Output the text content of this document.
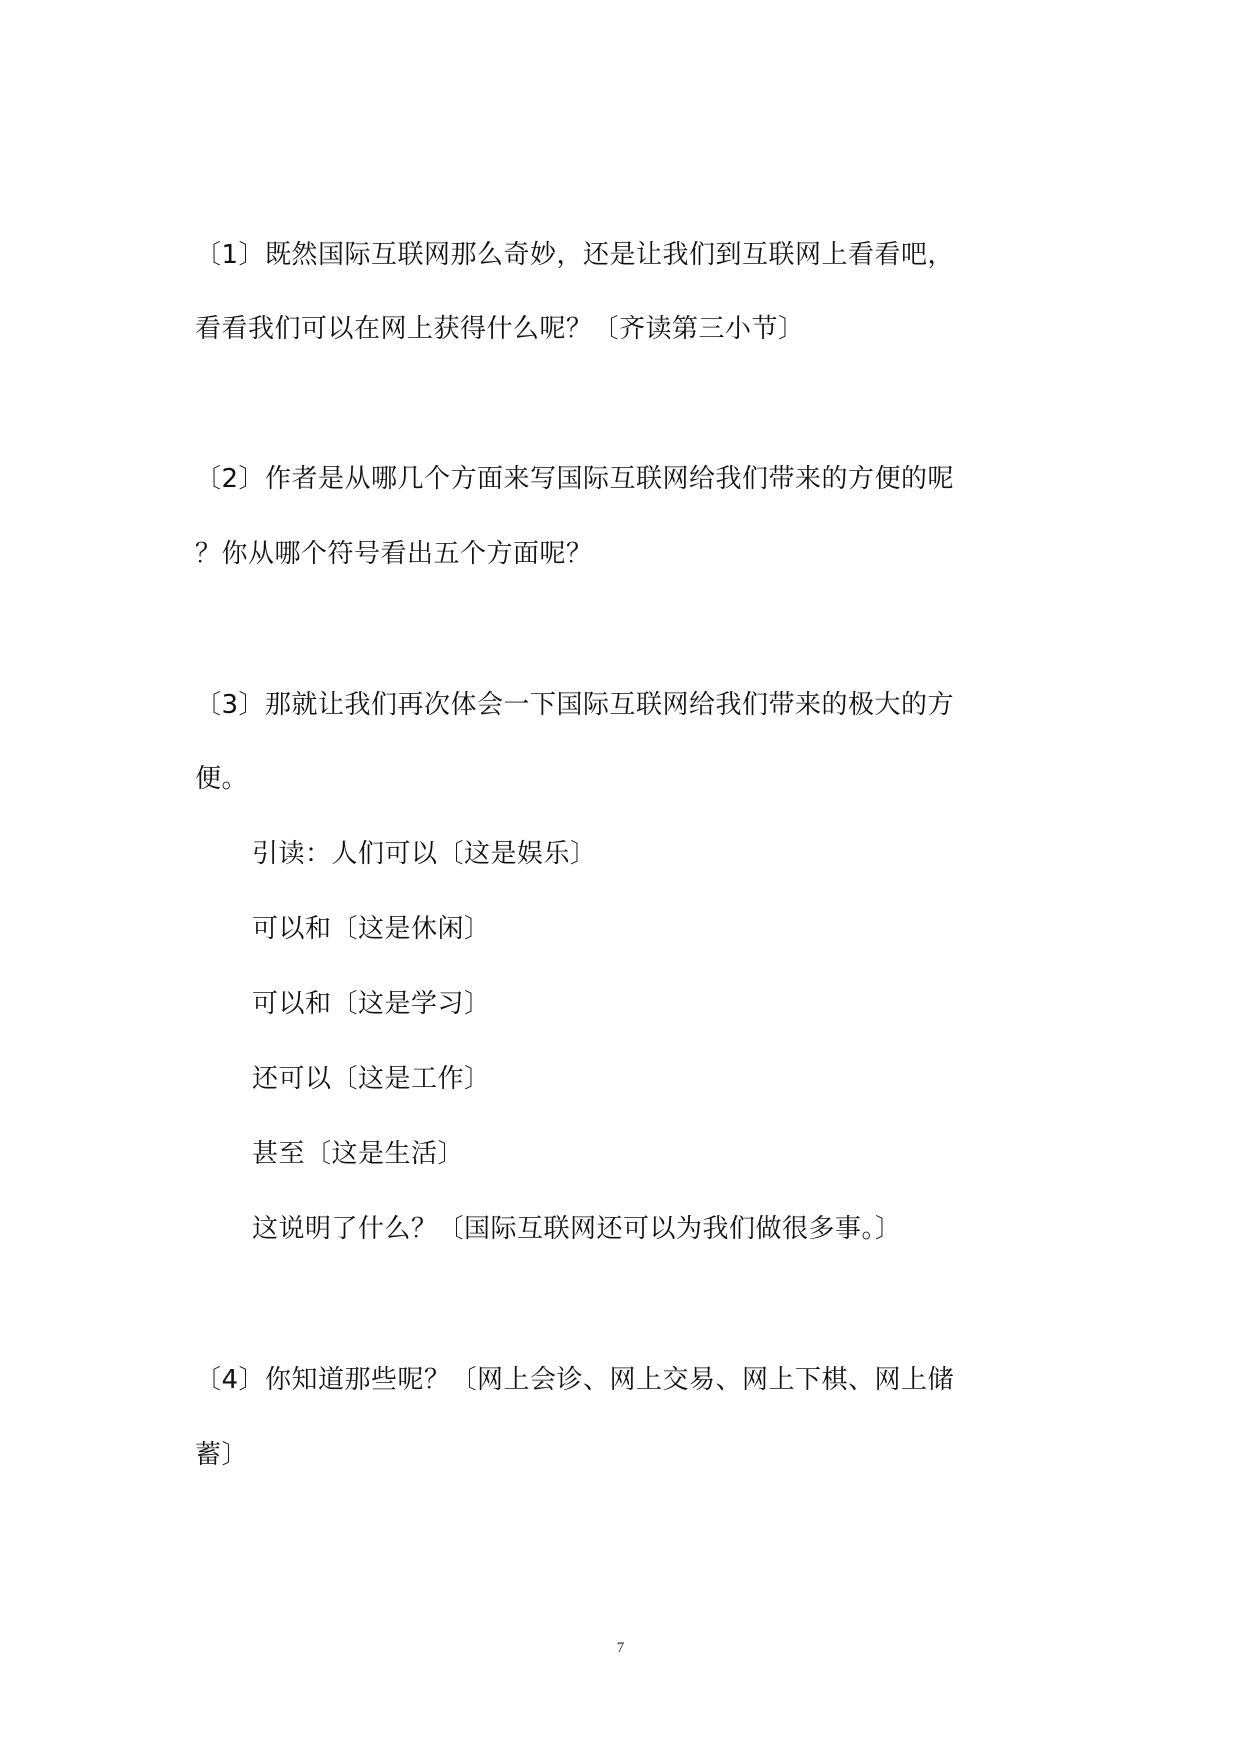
〔1〕既然国际互联网那么奇妙，还是让我们到互联网上看看吧，
看看我们可以在网上获得什么呢？〔齐读第三小节〕
〔2〕作者是从哪几个方面来写国际互联网给我们带来的方便的呢
？你从哪个符号看出五个方面呢？
〔3〕那就让我们再次体会一下国际互联网给我们带来的极大的方
便。
引读：人们可以〔这是娱乐〕
可以和〔这是休闲〕
可以和〔这是学习〕
还可以〔这是工作〕
甚至〔这是生活〕
这说明了什么？〔国际互联网还可以为我们做很多事。〕
〔4〕你知道那些呢？〔网上会诊、网上交易、网上下棋、网上储
蓄〕
7
